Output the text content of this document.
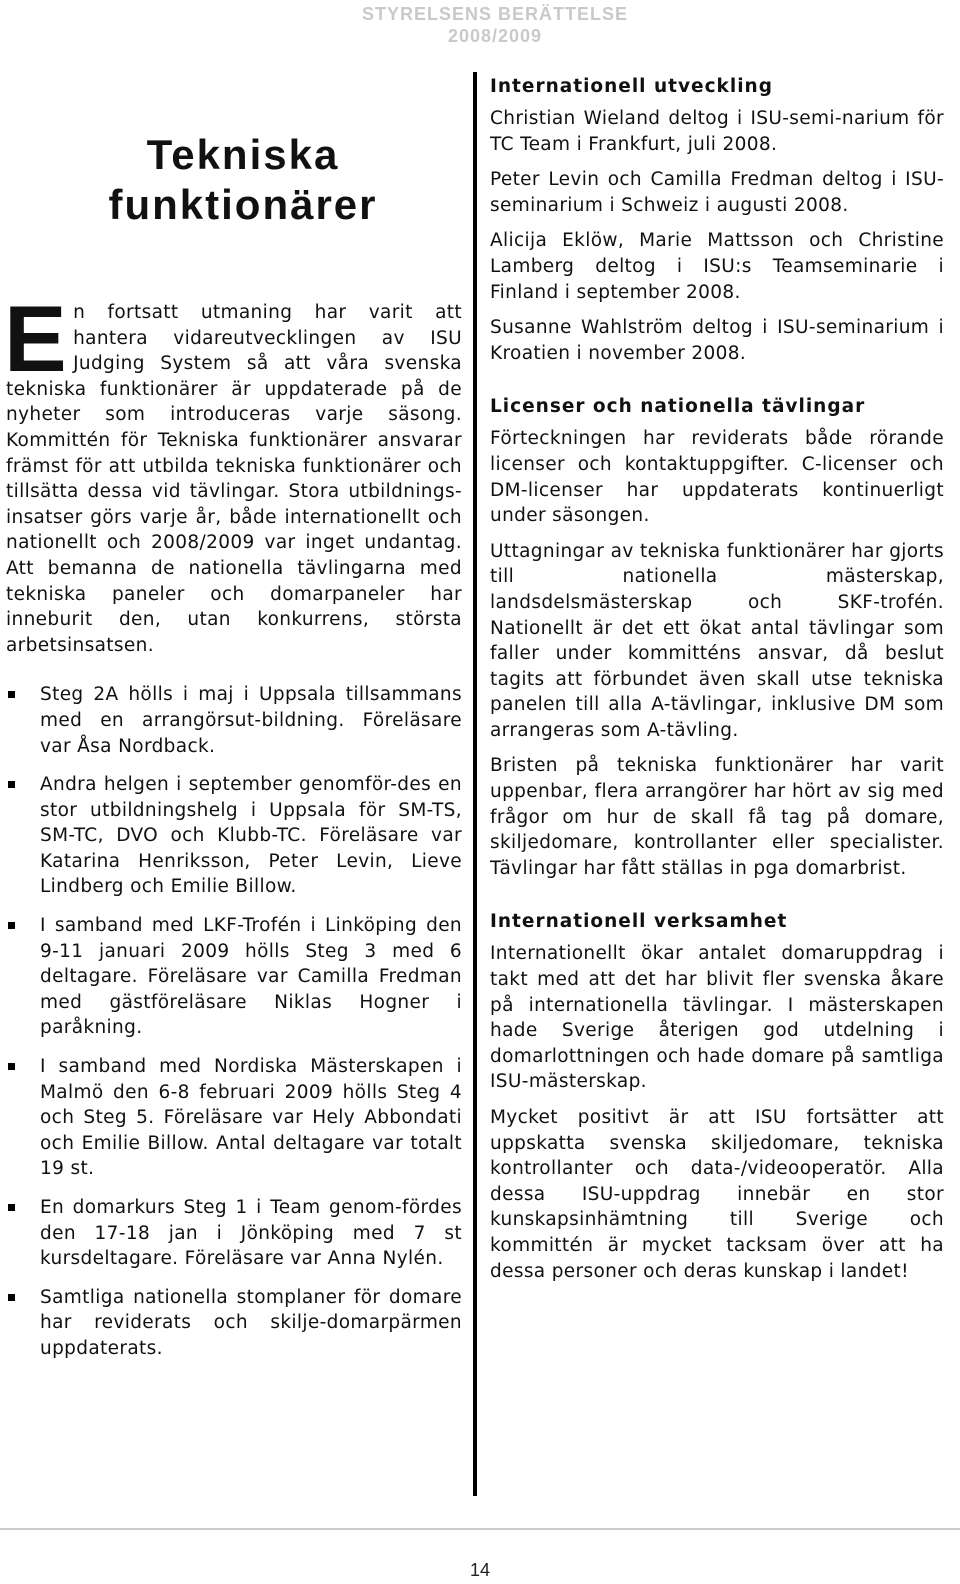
STYRELSENS BERÄTTELSE
2008/2009
Tekniska
funktionärer

En fortsatt utmaning har varit att hantera vidareutvecklingen av ISU Judging System så att våra svenska tekniska funktionärer är uppdaterade på de nyheter som introduceras varje säsong. Kommittén för Tekniska funktionärer ansvarar främst för att utbilda tekniska funktionärer och tillsätta dessa vid tävlingar. Stora utbildnings-insatser görs varje år, både internationellt och nationellt och 2008/2009 var inget undantag. Att bemanna de nationella tävlingarna med tekniska paneler och domarpaneler har inneburit den, utan konkurrens, största arbetsinsatsen.

Steg 2A hölls i maj i Uppsala tillsammans med en arrangörsut-bildning. Föreläsare var Åsa Nordback.
Andra helgen i september genomför-des en stor utbildningshelg i Uppsala för SM-TS, SM-TC, DVO och Klubb-TC. Föreläsare var Katarina Henriksson, Peter Levin, Lieve Lindberg och Emilie Billow.
I samband med LKF-Trofén i Linköping den 9-11 januari 2009 hölls Steg 3 med 6 deltagare. Föreläsare var Camilla Fredman med gästföreläsare Niklas Hogner i paråkning.
I samband med Nordiska Mästerskapen i Malmö den 6-8 februari 2009 hölls Steg 4 och Steg 5. Föreläsare var Hely Abbondati och Emilie Billow. Antal deltagare var totalt 19 st.
En domarkurs Steg 1 i Team genom-fördes den 17-18 jan i Jönköping med 7 st kursdeltagare. Föreläsare var Anna Nylén.
Samtliga nationella stomplaner för domare har reviderats och skilje-domarpärmen uppdaterats.
Internationell utveckling

Christian Wieland deltog i ISU-semi-narium för TC Team i Frankfurt, juli 2008.

Peter Levin och Camilla Fredman deltog i ISU-seminarium i Schweiz i augusti 2008.

Alicija Eklöw, Marie Mattsson och Christine Lamberg deltog i ISU:s Teamseminarie i Finland i september 2008.

Susanne Wahlström deltog i ISU-seminarium i Kroatien i november 2008.

Licenser och nationella tävlingar

Förteckningen har reviderats både rörande licenser och kontaktuppgifter. C-licenser och DM-licenser har uppdaterats kontinuerligt under säsongen.

Uttagningar av tekniska funktionärer har gjorts till nationella mästerskap, landsdelsmästerskap och SKF-trofén. Nationellt är det ett ökat antal tävlingar som faller under kommitténs ansvar, då beslut tagits att förbundet även skall utse tekniska panelen till alla A-tävlingar, inklusive DM som arrangeras som A-tävling.

Bristen på tekniska funktionärer har varit uppenbar, flera arrangörer har hört av sig med frågor om hur de skall få tag på domare, skiljedomare, kontrollanter eller specialister. Tävlingar har fått ställas in pga domarbrist.

Internationell verksamhet

Internationellt ökar antalet domaruppdrag i takt med att det har blivit fler svenska åkare på internationella tävlingar. I mästerskapen hade Sverige återigen god utdelning i domarlottningen och hade domare på samtliga ISU-mästerskap.

Mycket positivt är att ISU fortsätter att uppskatta svenska skiljedomare, tekniska kontrollanter och data-/videooperatör. Alla dessa ISU-uppdrag innebär en stor kunskapsinhämtning till Sverige och kommittén är mycket tacksam över att ha dessa personer och deras kunskap i landet!

14
